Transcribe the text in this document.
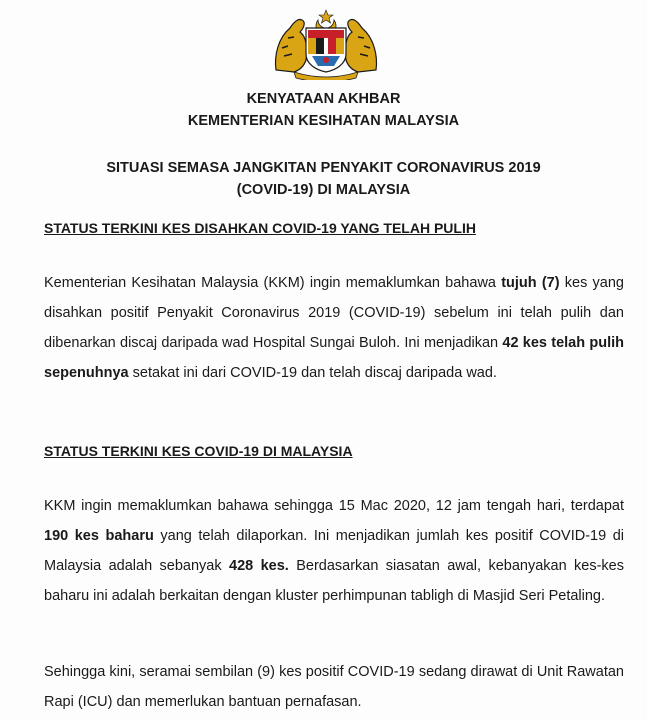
KENYATAAN AKHBAR
KEMENTERIAN KESIHATAN MALAYSIA
SITUASI SEMASA JANGKITAN PENYAKIT CORONAVIRUS 2019
(COVID-19) DI MALAYSIA
STATUS TERKINI KES DISAHKAN COVID-19 YANG TELAH PULIH
Kementerian Kesihatan Malaysia (KKM) ingin memaklumkan bahawa tujuh (7) kes yang disahkan positif Penyakit Coronavirus 2019 (COVID-19) sebelum ini telah pulih dan dibenarkan discaj daripada wad Hospital Sungai Buloh. Ini menjadikan 42 kes telah pulih sepenuhnya setakat ini dari COVID-19 dan telah discaj daripada wad.
STATUS TERKINI KES COVID-19 DI MALAYSIA
KKM ingin memaklumkan bahawa sehingga 15 Mac 2020, 12 jam tengah hari, terdapat 190 kes baharu yang telah dilaporkan. Ini menjadikan jumlah kes positif COVID-19 di Malaysia adalah sebanyak 428 kes. Berdasarkan siasatan awal, kebanyakan kes-kes baharu ini adalah berkaitan dengan kluster perhimpunan tabligh di Masjid Seri Petaling.
Sehingga kini, seramai sembilan (9) kes positif COVID-19 sedang dirawat di Unit Rawatan Rapi (ICU) dan memerlukan bantuan pernafasan.
